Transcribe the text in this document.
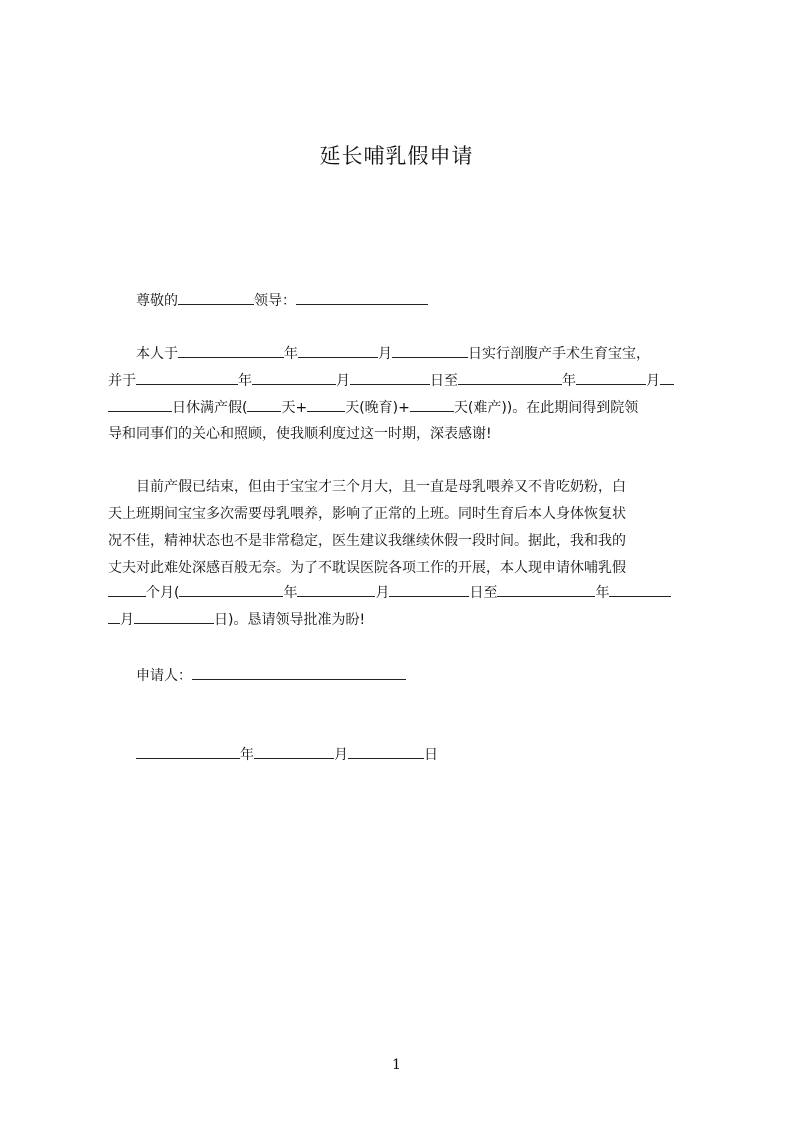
延长哺乳假申请
尊敬的	领导：
本人于	年	月	日实行剖腹产手术生育宝宝，
并于	年	月	日至	年	月
日休满产假( 天+	天(晚育)+	天(难产))。在此期间得到院领
导和同事们的关心和照顾，使我顺利度过这一时期，深表感谢!
目前产假已结束，但由于宝宝才三个月大，且一直是母乳喂养又不肯吃奶粉，白
天上班期间宝宝多次需要母乳喂养，影响了正常的上班。同时生育后本人身体恢复状
况不佳，精神状态也不是非常稳定，医生建议我继续休假一段时间。据此，我和我的
丈夫对此难处深感百般无奈。为了不耽误医院各项工作的开展，本人现申请休哺乳假
个月(	年	月	日至	年
月	日)。恳请领导批准为盼!
申请人：
年	月	日
1
